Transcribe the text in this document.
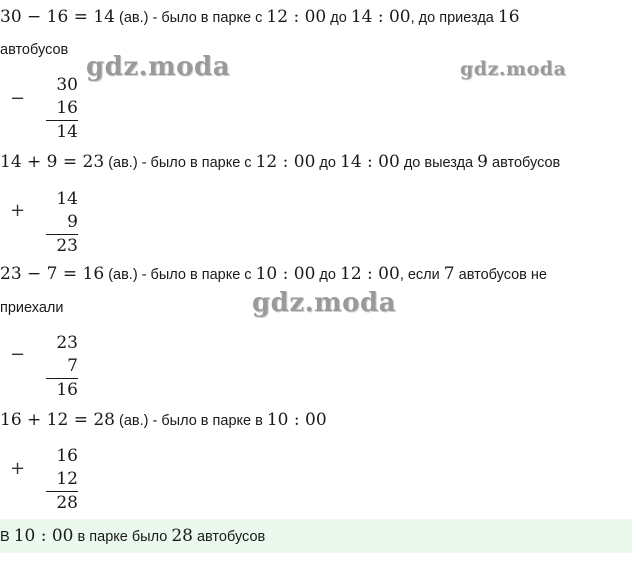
gdz.moda	gdz.moda
gdz.moda
30 − 16 = 14 (ав.) - было в парке с 12 : 00 до 14 : 00, до приезда 16
автобусов
−
30
16
14
14 + 9 = 23 (ав.) - было в парке с 12 : 00 до 14 : 00 до выезда 9 автобусов
+
14
9
23
23 − 7 = 16 (ав.) - было в парке с 10 : 00 до 12 : 00, если 7 автобусов не
приехали
−
23
7
16
16 + 12 = 28 (ав.) - было в парке в 10 : 00
+
16
12
28
В 10 : 00 в парке было 28 автобусов
